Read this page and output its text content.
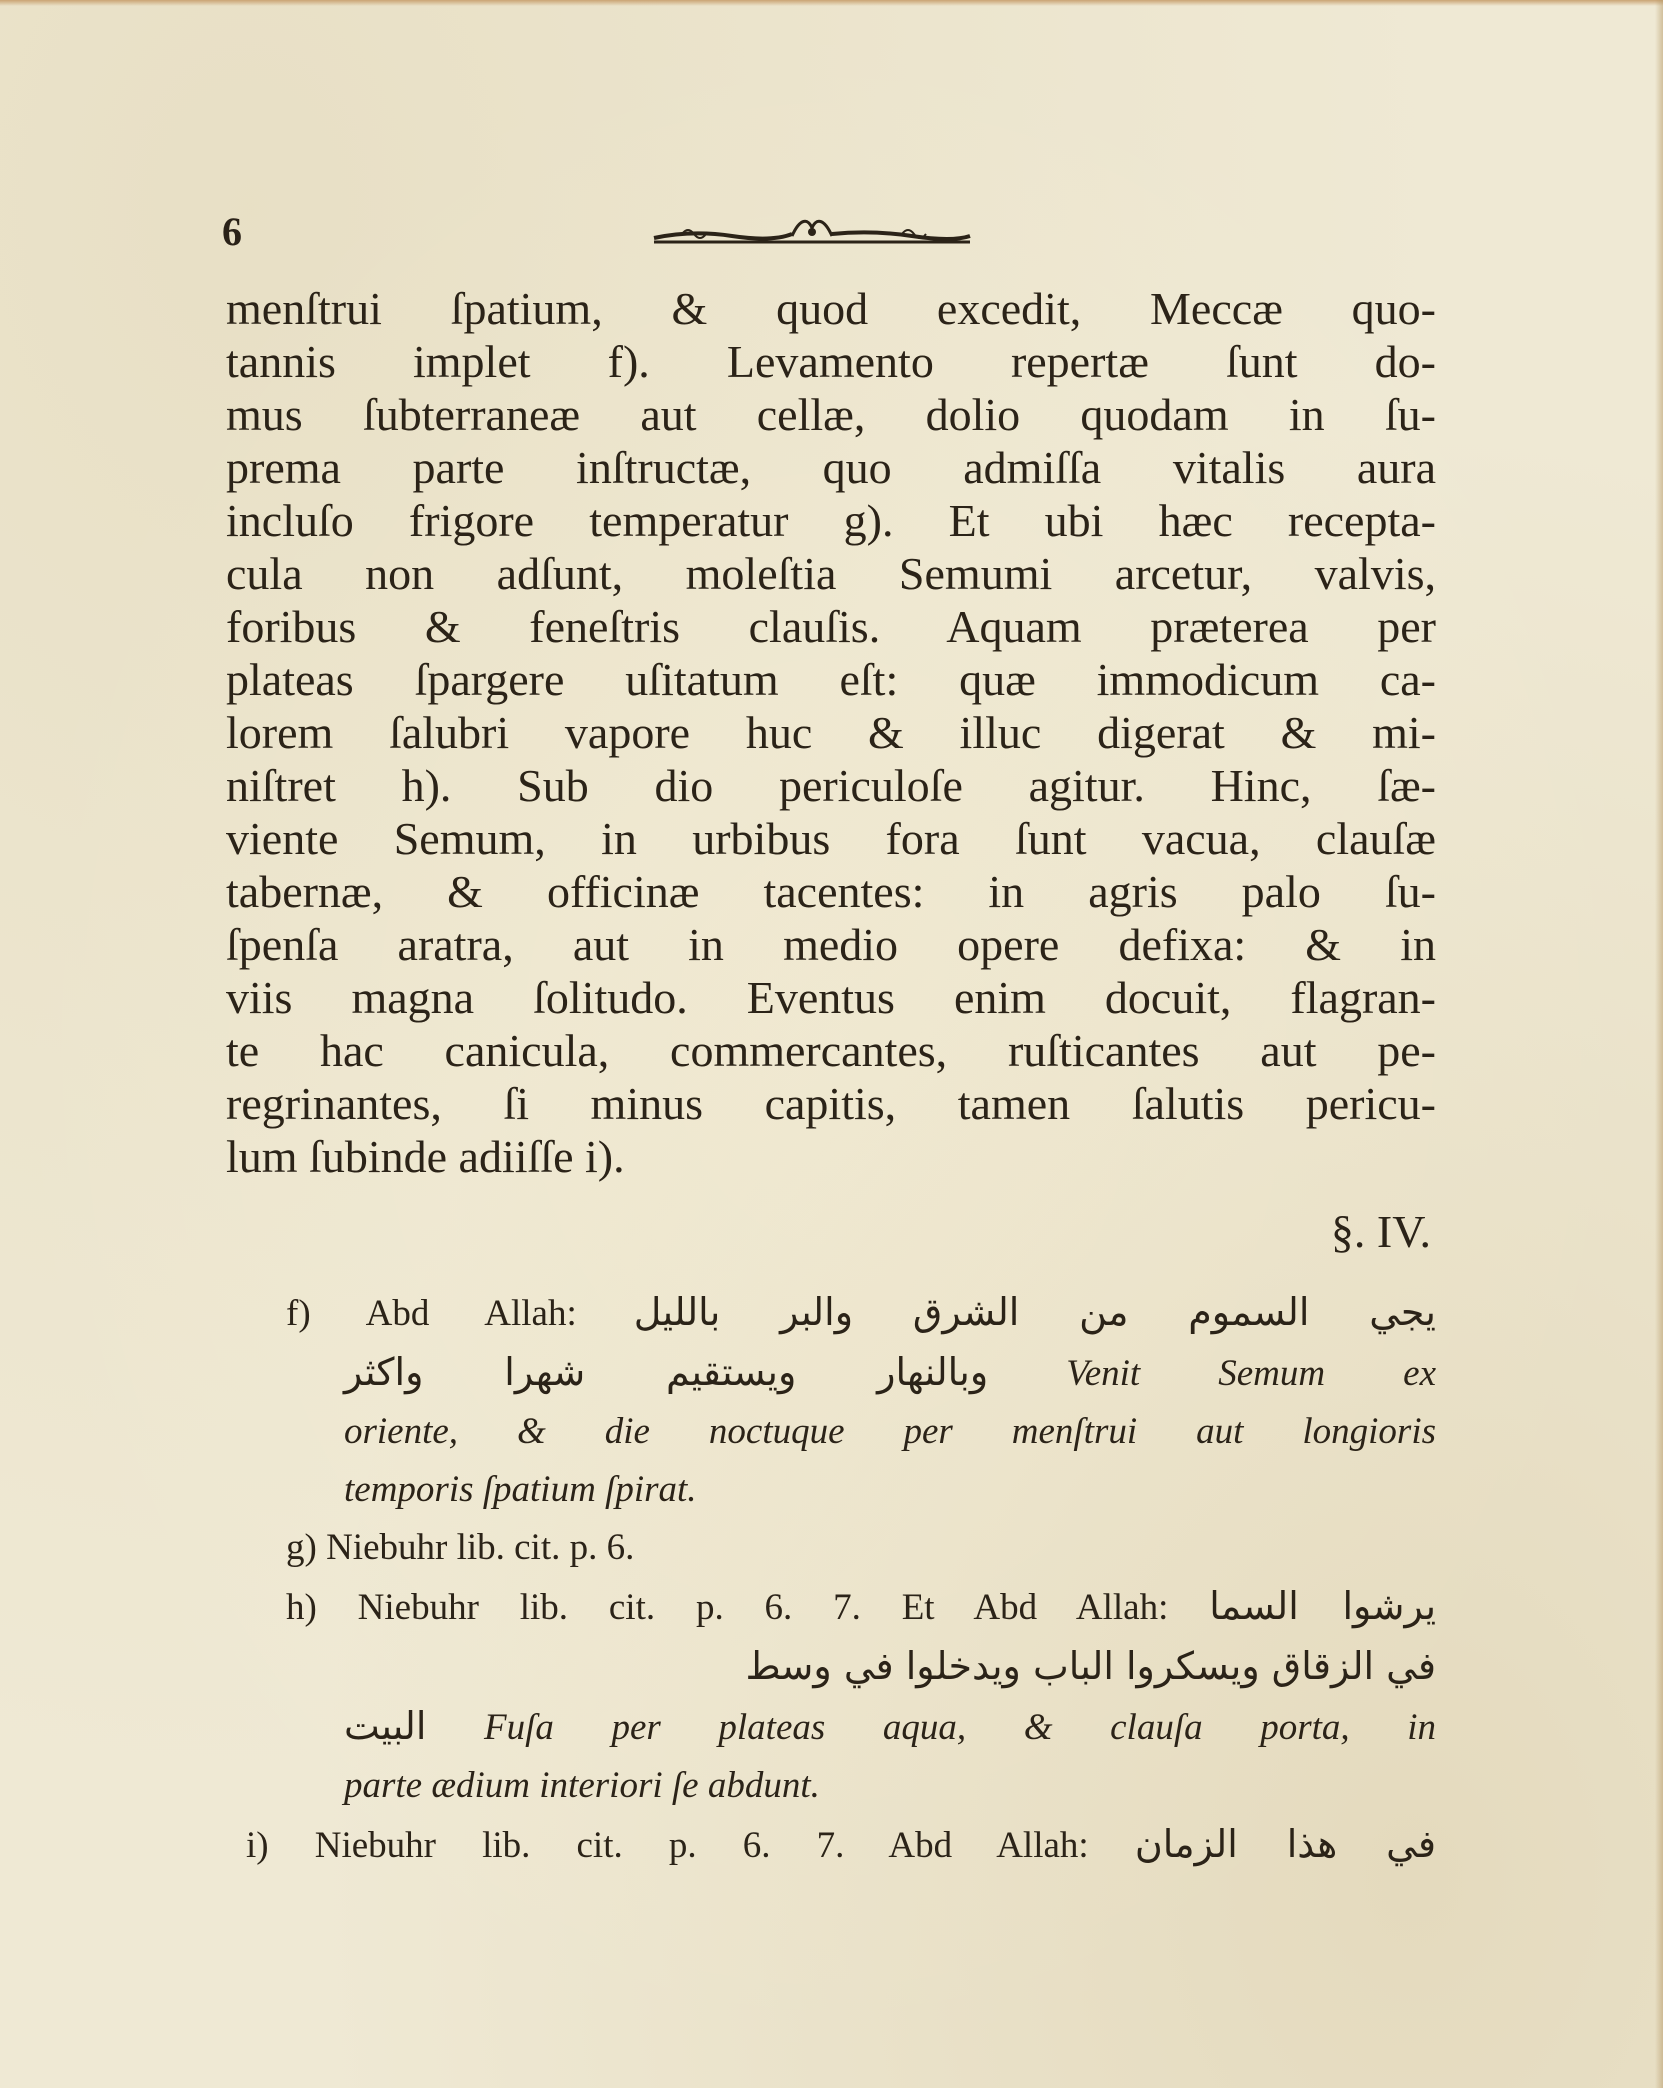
6
menſtrui ſpatium, & quod excedit, Meccæ quo-
tannis implet f). Levamento repertæ ſunt do-
mus ſubterraneæ aut cellæ, dolio quodam in ſu-
prema parte inſtructæ, quo admiſſa vitalis aura
incluſo frigore temperatur g). Et ubi hæc recepta-
cula non adſunt, moleſtia Semumi arcetur, valvis,
foribus & feneſtris clauſis. Aquam præterea per
plateas ſpargere uſitatum eſt: quæ immodicum ca-
lorem ſalubri vapore huc & illuc digerat & mi-
niſtret h). Sub dio periculoſe agitur. Hinc, ſæ-
viente Semum, in urbibus fora ſunt vacua, clauſæ
tabernæ, & officinæ tacentes: in agris palo ſu-
ſpenſa aratra, aut in medio opere defixa: & in
viis magna ſolitudo. Eventus enim docuit, flagran-
te hac canicula, commercantes, ruſticantes aut pe-
regrinantes, ſi minus capitis, tamen ſalutis pericu-
lum ſubinde adiiſſe i).
§. IV.
f) Abd Allah: يجي السموم من الشرق والبر بالليل
وبالنهار ويستقيم شهرا واكثر Venit Semum ex
oriente, & die noctuque per menſtrui aut longioris
temporis ſpatium ſpirat.
g) Niebuhr lib. cit. p. 6.
h) Niebuhr lib. cit. p. 6. 7. Et Abd Allah: يرشوا السما
في الزقاق ويسكروا الباب ويدخلوا في وسط
البيت Fuſa per plateas aqua, & clauſa porta, in
parte ædium interiori ſe abdunt.
i) Niebuhr lib. cit. p. 6. 7. Abd Allah: في هذا الزمان
